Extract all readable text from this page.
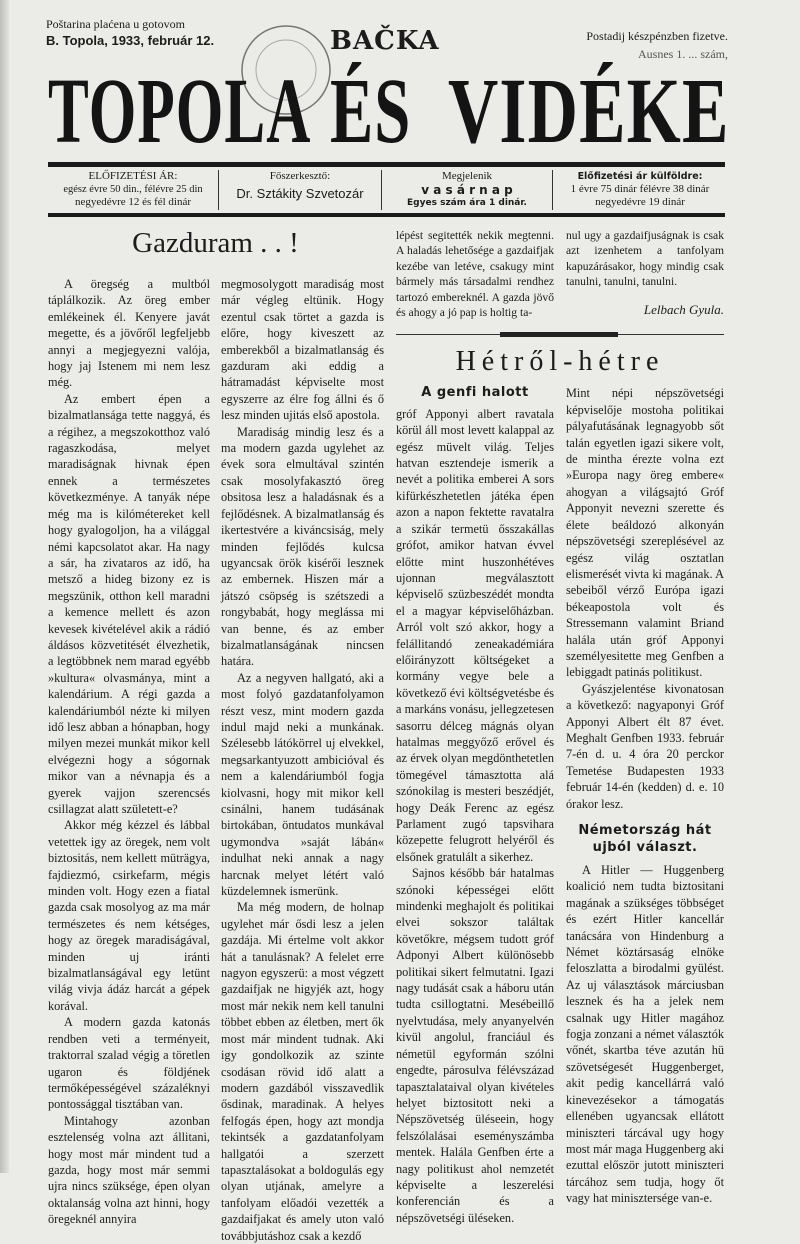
Poštarina plaćena u gotovom
B. Topola, 1933, február 12.	Postadij készpénzben fizetve.
Ausnes 1. ... szám,
BAČKA
TOPOLA ÉS VIDÉKE
ELŐFIZETÉSI ÁR:
egész évre 50 din., félévre 25 din
negyedévre 12 és fél dinár
Főszerkesztő:
Dr. Sztákity Szvetozár
Megjelenik
v a s á r n a p
Egyes szám ára 1 dinár.
Előfizetési ár külföldre:
1 évre 75 dinár félévre 38 dinár
negyedévre 19 dinár
Gazduram . . !

A öregség a multból táplálkozik. Az öreg ember emlékeinek él. Kenyere javát megette, és a jövőről legfeljebb annyi a megjegyezni valója, hogy jaj Istenem mi nem lesz még.

Az embert épen a bizalmatlansága tette naggyá, és a régihez, a megszokotthoz való ragaszkodása, melyet maradiságnak hivnak épen ennek a természetes következménye. A tanyák népe még ma is kilómétereket kell hogy gyalogoljon, ha a világgal némi kapcsolatot akar. Ha nagy a sár, ha zivataros az idő, ha metsző a hideg bizony ez is megszünik, otthon kell maradni a kemence mellett és azon kevesek kivételével akik a rádió áldásos közvetitését élvezhetik, a legtöbbnek nem marad egyébb »kultura« olvasmánya, mint a kalendárium. A régi gazda a kalendáriumból nézte ki milyen idő lesz abban a hónapban, hogy milyen mezei munkát mikor kell elvégezni hogy a sógornak mikor van a névnapja és a gyerek vajjon szerencsés csillagzat alatt született-e?

Akkor még kézzel és lábbal vetettek igy az öregek, nem volt biztositás, nem kellett müträgya, fajdiezmó, csirkefarm, mégis minden volt. Hogy ezen a fiatal gazda csak mosolyog az ma már természetes és nem kétséges, hogy az öregek maradiságával, minden uj iránti bizalmatlanságával egy letünt világ vivja ádáz harcát a gépek korával.

A modern gazda katonás rendben veti a terményeit, traktorral szalad végig a töretlen ugaron és földjének termőképességével százaléknyi pontossággal tisztában van.

Mintahogy azonban esztelenség volna azt állitani, hogy most már mindent tud a gazda, hogy most már semmi ujra nincs szüksége, épen olyan oktalanság volna azt hinni, hogy öregeknél annyira

megmosolygott maradiság most már végleg eltünik. Hogy ezentul csak törtet a gazda is előre, hogy kiveszett az emberekből a bizalmatlanság és gazduram aki eddig a hátramadást képviselte most egyszerre az élre fog állni és ő lesz minden ujitás első apostola.

Maradiság mindig lesz és a ma modern gazda ugylehet az évek sora elmultával szintén csak mosolyfakasztó öreg obsitosa lesz a haladásnak és a fejlődésnek. A bizalmatlanság és ikertestvére a kiváncsiság, mely minden fejlődés kulcsa ugyancsak örök kisérői lesznek az embernek. Hiszen már a játszó csöpség is szétszedi a rongybabát, hogy meglássa mi van benne, és az ember bizalmatlanságának nincsen határa.

Az a negyven hallgató, aki a most folyó gazdatanfolyamon részt vesz, mint modern gazda indul majd neki a munkának. Szélesebb látókörrel uj elvekkel, megsarkantyuzott ambicióval és nem a kalendáriumból fogja kiolvasni, hogy mit mikor kell csinálni, hanem tudásának birtokában, öntudatos munkával ugymondva »saját lábán« indulhat neki annak a nagy harcnak melyet létért való küzdelemnek ismerünk.

Ma még modern, de holnap ugylehet már ősdi lesz a jelen gazdája. Mi értelme volt akkor hát a tanulásnak? A felelet erre nagyon egyszerü: a most végzett gazdaifjak ne higyjék azt, hogy most már nekik nem kell tanulni többet ebben az életben, mert ők most már mindent tudnak. Aki igy gondolkozik az szinte csodásan rövid idő alatt a modern gazdából visszavedlik ősdinak, maradinak. A helyes felfogás épen, hogy azt mondja tekintsék a gazdatanfolyam hallgatói a szerzett tapasztalásokat a boldogulás egy olyan utjának, amelyre a tanfolyam előadói vezették a gazdaifjakat és amely uton való továbbjutáshoz csak a kezdő

lépést segitették nekik megtenni. A haladás lehetősége a gazdaifjak kezébe van letéve, csakugy mint bármely más társadalmi rendhez tartozó embereknél. A gazda jövő és ahogy a jó pap is holtig ta-

nul ugy a gazdaifjuságnak is csak azt izenhetem a tanfolyam kapuzárásakor, hogy mindig csak tanulni, tanulni, tanulni.

Lelbach Gyula.
Hétről-hétre
A genfi halott

gróf Apponyi albert ravatala körül áll most levett kalappal az egész müvelt világ. Teljes hatvan esztendeje ismerik a nevét a politika emberei A sors kifürkészhetetlen játéka épen azon a napon fektette ravatalra a szikár termetü ősszakállas grófot, amikor hatvan évvel előtte mint huszonhétéves ujonnan megválasztott képviselő szüzbeszédét mondta el a magyar képviselőházban. Arról volt szó akkor, hogy a felállitandó zeneakadémiára előirányzott költségeket a kormány vegye bele a következő évi költségvetésbe és a markáns vonásu, jellegzetesen sasorru délceg mágnás olyan hatalmas meggyőző erővel és az érvek olyan megdönthetetlen tömegével támasztotta alá szónokilag is mesteri beszédjét, hogy Deák Ferenc az egész Parlament zugó tapsvihara közepette felugrott helyéről és elsőnek gratulált a sikerhez.

Sajnos később bár hatalmas szónoki képességei előtt mindenki meghajolt és politikai elvei sokszor találtak követőkre, mégsem tudott gróf Adponyi Albert különösebb politikai sikert felmutatni. Igazi nagy tudását csak a háboru után tudta csillogtatni. Mesébeillő nyelvtudása, mely anyanyelvén kivül angolul, franciául és németül egyformán szólni engedte, párosulva félévszázad tapasztalataival olyan kivételes helyet biztositott neki a Népszövetség üléseein, hogy felszólalásai eseményszámba mentek. Halála Genfben érte a nagy politikust ahol nemzetét képviselte a leszerelési konferencián és a népszövetségi üléseken.

Mint népi népszövetségi képviselője mostoha politikai pályafutásának legnagyobb sőt talán egyetlen igazi sikere volt, de mintha érezte volna ezt »Europa nagy öreg embere« ahogyan a világsajtó Gróf Apponyit nevezni szerette és élete beáldozó alkonyán népszövetségi szereplésével az egész világ osztatlan elismerését vivta ki magának. A sebeiből vérző Európa igazi békeapostola volt és Stressemann valamint Briand halála után gróf Apponyi személyesitette meg Genfben a lebiggadt patinás politikust.

Gyászjelentése kivonatosan a következő: nagyaponyi Gróf Apponyi Albert élt 87 évet. Meghalt Genfben 1933. február 7-én d. u. 4 óra 20 perckor Temetése Budapesten 1933 február 14-én (kedden) d. e. 10 órakor lesz.

Németország hát ujból választ.

A Hitler — Huggenberg koalició nem tudta biztositani magának a szükséges többséget és ezért Hitler kancellár tanácsára von Hindenburg a Német köztársaság elnöke feloszlatta a birodalmi gyülést. Az uj választások márciusban lesznek és ha a jelek nem csalnak ugy Hitler magához fogja zonzani a német választók vőnét, skartba téve azután hü szövetségesét Huggenberget, akit pedig kancellárrá való kinevezésekor a támogatás ellenében ugyancsak ellátott miniszteri tárcával ugy hogy most már maga Huggenberg aki ezuttal először jutott miniszteri tárcához sem tudja, hogy őt vagy hat minisztersége van-e.
